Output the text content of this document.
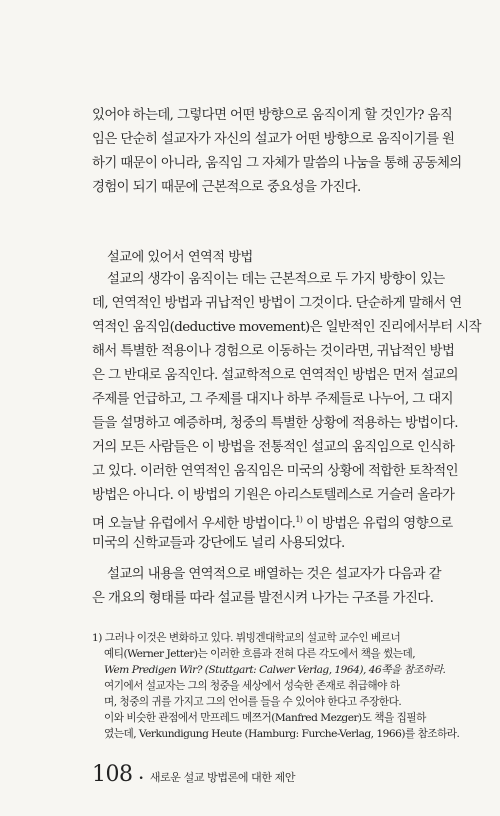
있어야 하는데, 그렇다면 어떤 방향으로 움직이게 할 것인가? 움직
임은 단순히 설교자가 자신의 설교가 어떤 방향으로 움직이기를 원
하기 때문이 아니라, 움직임 그 자체가 말씀의 나눔을 통해 공동체의
경험이 되기 때문에 근본적으로 중요성을 가진다.
설교에 있어서 연역적 방법
설교의 생각이 움직이는 데는 근본적으로 두 가지 방향이 있는
데, 연역적인 방법과 귀납적인 방법이 그것이다. 단순하게 말해서 연
역적인 움직임(deductive movement)은 일반적인 진리에서부터 시작
해서 특별한 적용이나 경험으로 이동하는 것이라면, 귀납적인 방법
은 그 반대로 움직인다. 설교학적으로 연역적인 방법은 먼저 설교의
주제를 언급하고, 그 주제를 대지나 하부 주제들로 나누어, 그 대지
들을 설명하고 예증하며, 청중의 특별한 상황에 적용하는 방법이다.
거의 모든 사람들은 이 방법을 전통적인 설교의 움직임으로 인식하
고 있다. 이러한 연역적인 움직임은 미국의 상황에 적합한 토착적인
방법은 아니다. 이 방법의 기원은 아리스토텔레스로 거슬러 올라가
며 오늘날 유럽에서 우세한 방법이다.$^{1)}$ 이 방법은 유럽의 영향으로
미국의 신학교들과 강단에도 널리 사용되었다.
설교의 내용을 연역적으로 배열하는 것은 설교자가 다음과 같
은 개요의 형태를 따라 설교를 발전시켜 나가는 구조를 가진다.
1) 그러나 이것은 변화하고 있다. 뷔빙겐대학교의 설교학 교수인 베르너
예티(Werner Jetter)는 이러한 흐름과 전혀 다른 각도에서 책을 썼는데,
Wem Predigen Wir? (Stuttgart: Calwer Verlag, 1964), 46쪽을 참조하라.
여기에서 설교자는 그의 청중을 세상에서 성숙한 존재로 취급해야 하
며, 청중의 귀를 가지고 그의 언어를 들을 수 있어야 한다고 주장한다.
이와 비슷한 관점에서 만프레드 메쯔거(Manfred Mezger)도 책을 집필하
였는데, Verkundigung Heute (Hamburg: Furche-Verlag, 1966)를 참조하라.
108 • 새로운 설교 방법론에 대한 제안
